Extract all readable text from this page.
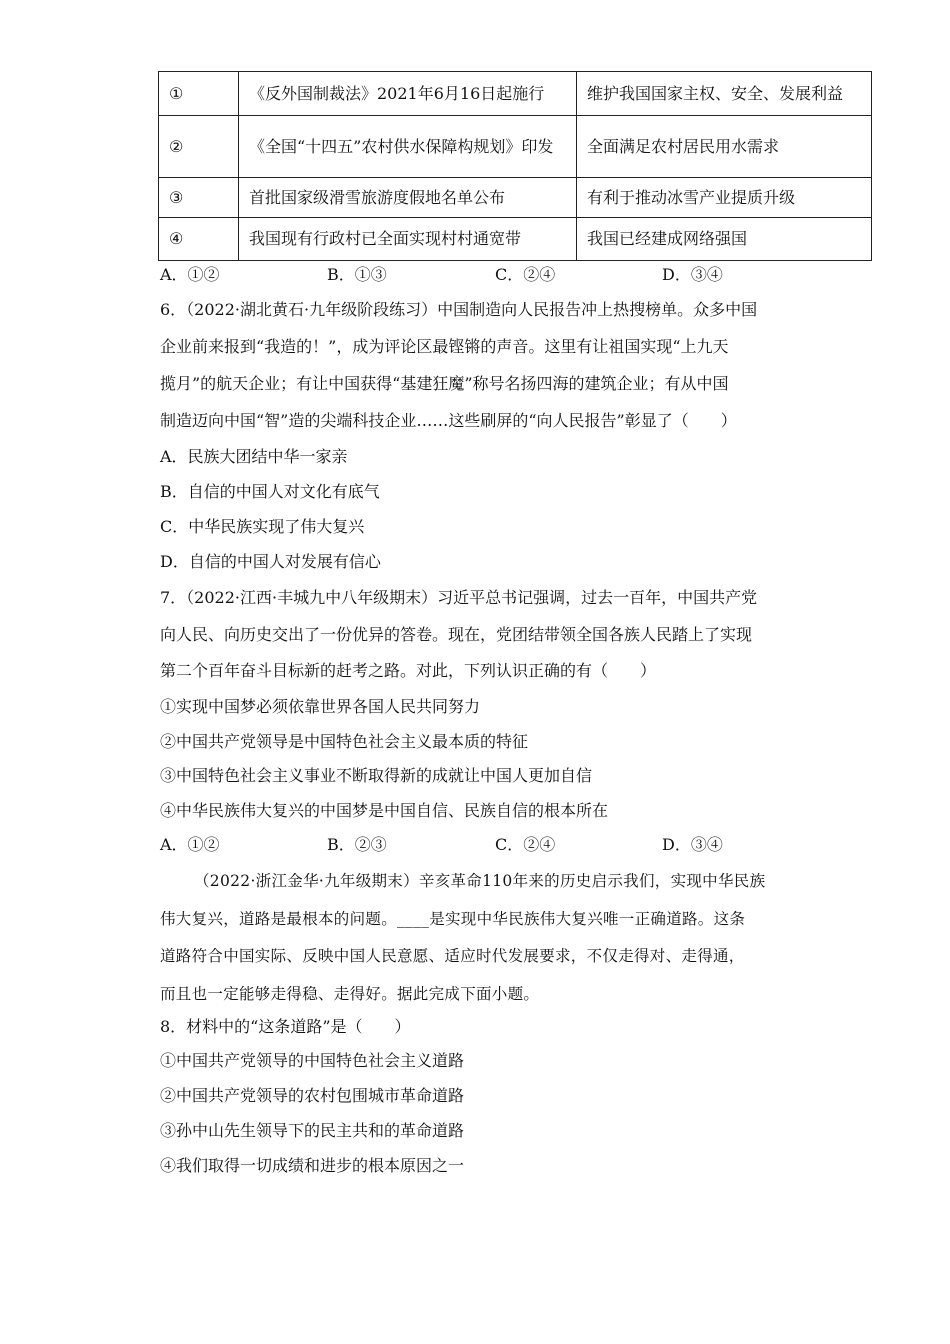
①	《反外国制裁法》2021年6月16日起施行	维护我国国家主权、安全、发展利益
②	《全国“十四五”农村供水保障构规划》印发	全面满足农村居民用水需求
③	首批国家级滑雪旅游度假地名单公布	有利于推动冰雪产业提质升级
④	我国现有行政村已全面实现村村通宽带	我国已经建成网络强国
A．①②	B．①③	C．②④	D．③④
6．（2022·湖北黄石·九年级阶段练习）中国制造向人民报告冲上热搜榜单。众多中国
企业前来报到“我造的！”，成为评论区最铿锵的声音。这里有让祖国实现“上九天
揽月”的航天企业；有让中国获得“基建狂魔”称号名扬四海的建筑企业；有从中国
制造迈向中国“智”造的尖端科技企业……这些刷屏的“向人民报告”彰显了（　　）
A．民族大团结中华一家亲
B．自信的中国人对文化有底气
C．中华民族实现了伟大复兴
D．自信的中国人对发展有信心
7．（2022·江西·丰城九中八年级期末）习近平总书记强调，过去一百年，中国共产党
向人民、向历史交出了一份优异的答卷。现在，党团结带领全国各族人民踏上了实现
第二个百年奋斗目标新的赶考之路。对此，下列认识正确的有（　　）
①实现中国梦必须依靠世界各国人民共同努力
②中国共产党领导是中国特色社会主义最本质的特征
③中国特色社会主义事业不断取得新的成就让中国人更加自信
④中华民族伟大复兴的中国梦是中国自信、民族自信的根本所在
A．①②	B．②③	C．②④	D．③④
（2022·浙江金华·九年级期末）辛亥革命110年来的历史启示我们，实现中华民族
伟大复兴，道路是最根本的问题。____是实现中华民族伟大复兴唯一正确道路。这条
道路符合中国实际、反映中国人民意愿、适应时代发展要求，不仅走得对、走得通，
而且也一定能够走得稳、走得好。据此完成下面小题。
8．材料中的“这条道路”是（　　）
①中国共产党领导的中国特色社会主义道路
②中国共产党领导的农村包围城市革命道路
③孙中山先生领导下的民主共和的革命道路
④我们取得一切成绩和进步的根本原因之一
